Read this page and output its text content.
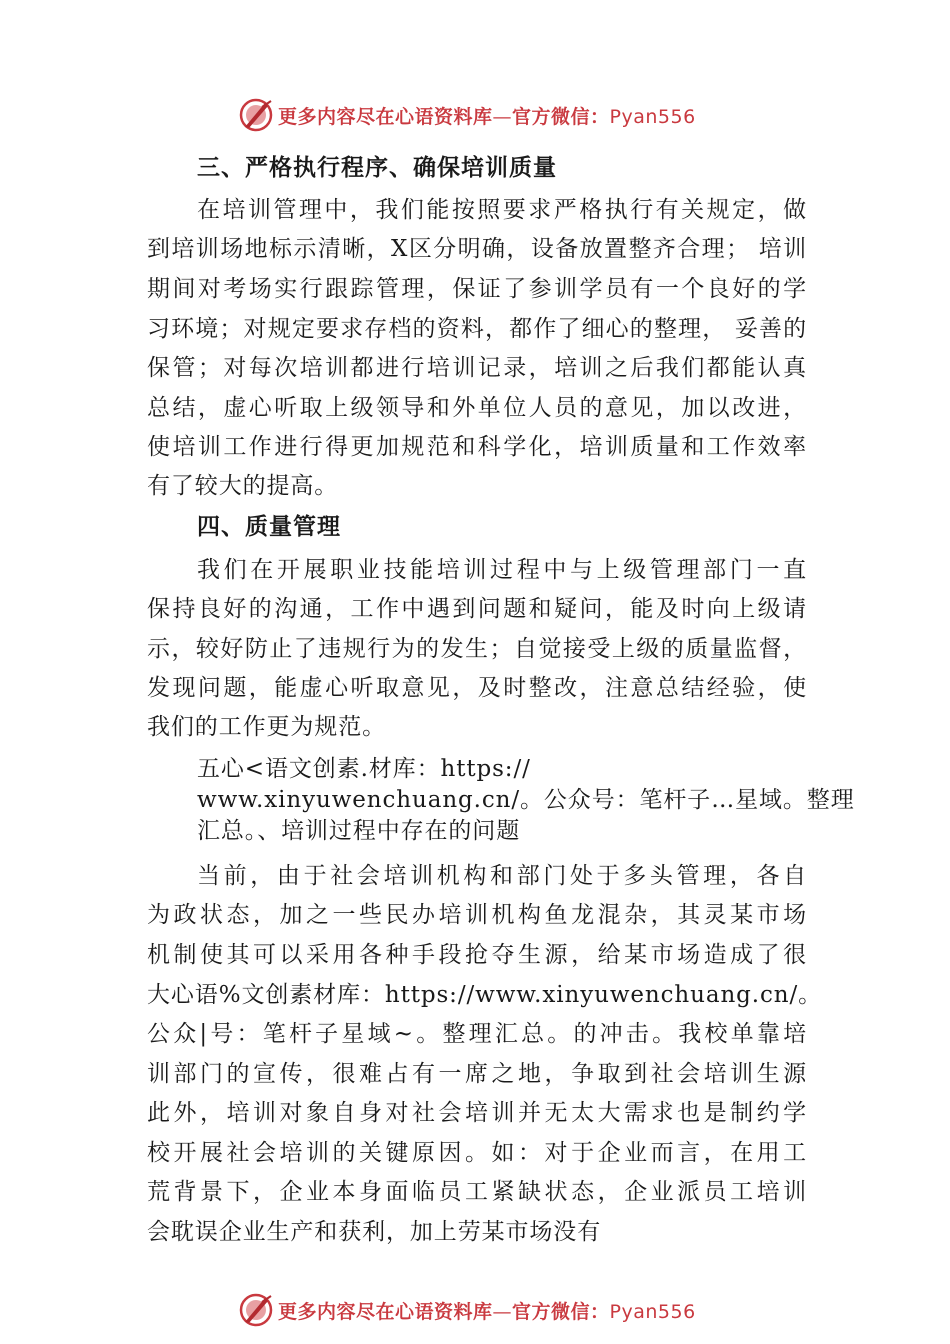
更多内容尽在心语资料库—官方微信：Pyan556
三、严格执行程序、确保培训质量
在培训管理中，我们能按照要求严格执行有关规定，做
到培训场地标示清晰，X区分明确，设备放置整齐合理； 培训
期间对考场实行跟踪管理，保证了参训学员有一个良好的学
习环境；对规定要求存档的资料，都作了细心的整理， 妥善的
保管；对每次培训都进行培训记录，培训之后我们都能认真
总结，虚心听取上级领导和外单位人员的意见，加以改进，
使培训工作进行得更加规范和科学化，培训质量和工作效率
有了较大的提高。
四、质量管理
我们在开展职业技能培训过程中与上级管理部门一直
保持良好的沟通，工作中遇到问题和疑问，能及时向上级请
示，较好防止了违规行为的发生；自觉接受上级的质量监督，
发现问题，能虚心听取意见，及时整改，注意总结经验，使
我们的工作更为规范。
五心<语文创素.材库：https://
www.xinyuwenchuang.cn/。公众号：笔杆子…星域。整理
汇总。、培训过程中存在的问题
当前，由于社会培训机构和部门处于多头管理，各自
为政状态，加之一些民办培训机构鱼龙混杂，其灵某市场
机制使其可以采用各种手段抢夺生源，给某市场造成了很
大心语%文创素材库：https://www.xinyuwenchuang.cn/。
公众|号：笔杆子星域~。整理汇总。的冲击。我校单靠培
训部门的宣传，很难占有一席之地，争取到社会培训生源
此外，培训对象自身对社会培训并无太大需求也是制约学
校开展社会培训的关键原因。如：对于企业而言，在用工
荒背景下，企业本身面临员工紧缺状态，企业派员工培训
会耽误企业生产和获利，加上劳某市场没有
更多内容尽在心语资料库—官方微信：Pyan556
